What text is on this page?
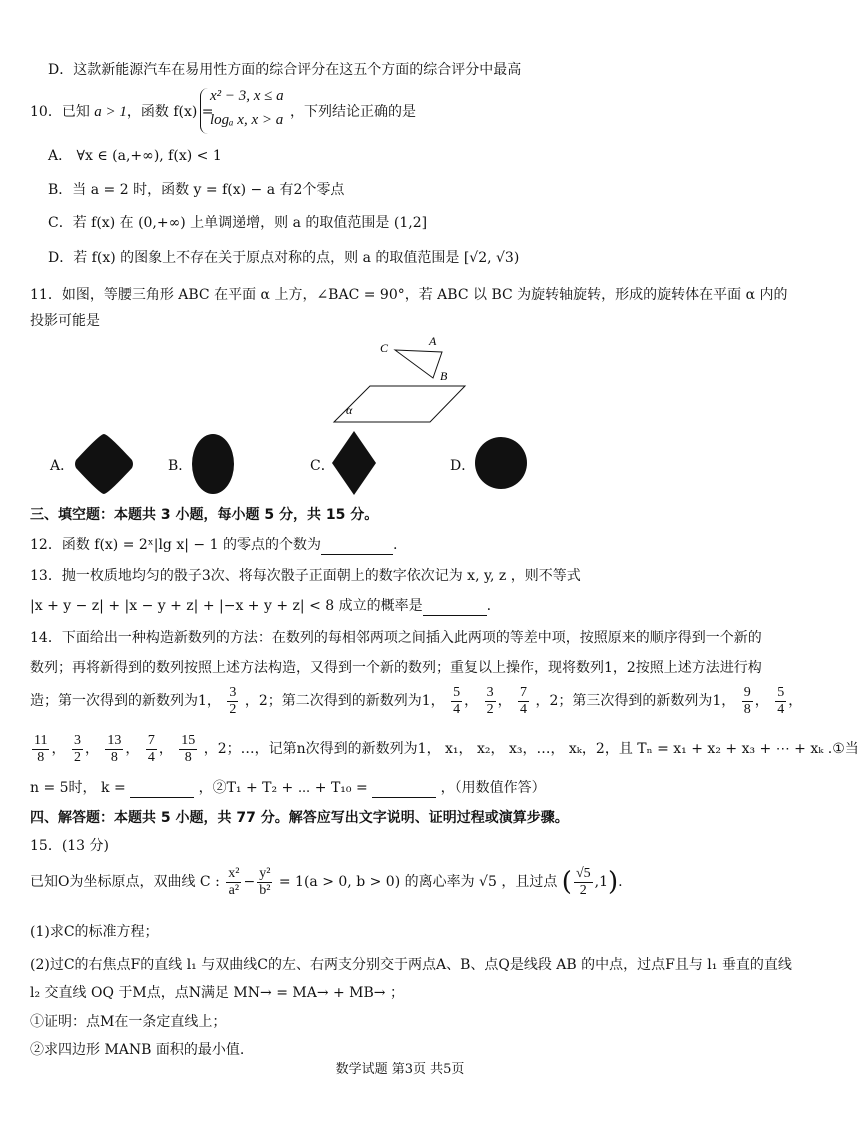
D．这款新能源汽车在易用性方面的综合评分在这五个方面的综合评分中最高
10．已知 a > 1，函数 f(x) =
x² − 3, x ≤ a
logₐ x, x > a ，下列结论正确的是
A． ∀x ∈ (a,+∞), f(x) < 1
B．当 a = 2 时，函数 y = f(x) − a 有2个零点
C．若 f(x) 在 (0,+∞) 上单调递增，则 a 的取值范围是 (1,2]
D．若 f(x) 的图象上不存在关于原点对称的点，则 a 的取值范围是 [√2, √3)
11．如图，等腰三角形 ABC 在平面 α 上方，∠BAC = 90°，若 ABC 以 BC 为旋转轴旋转，形成的旋转体在平面 α 内的
投影可能是
C	A
B
α
A．	B．	C．	D．
三、填空题：本题共 3 小题，每小题 5 分，共 15 分。
12．函数 f(x) = 2ˣ|lg x| − 1 的零点的个数为	.
13．抛一枚质地均匀的骰子3次、将每次骰子正面朝上的数字依次记为 x, y, z ，则不等式
|x + y − z| + |x − y + z| + |−x + y + z| < 8 成立的概率是	.
14．下面给出一种构造新数列的方法：在数列的每相邻两项之间插入此两项的等差中项，按照原来的顺序得到一个新的
数列；再将新得到的数列按照上述方法构造，又得到一个新的数列；重复以上操作，现将数列1，2按照上述方法进行构
造；第一次得到的新数列为1， $\frac{3}{2}$ ，2；第二次得到的新数列为1， $\frac{5}{4}$ ， $\frac{3}{2}$ ， $\frac{7}{4}$ ，2；第三次得到的新数列为1， $\frac{9}{8}$ ， $\frac{5}{4}$ ，
$\frac{11}{8}$ ， $\frac{3}{2}$ ， $\frac{13}{8}$ ， $\frac{7}{4}$ ， $\frac{15}{8}$ ，2；…，记第n次得到的新数列为1， x₁， x₂， x₃，…， xₖ，2，且 Tₙ = x₁ + x₂ + x₃ + ⋯ + xₖ .①当
n = 5时， k =	，②T₁ + T₂ + ⋯ + T₁₀ =	，（用数值作答）
四、解答题：本题共 5 小题，共 77 分。解答应写出文字说明、证明过程或演算步骤。
15．(13 分)
已知O为坐标原点，双曲线 C : $\frac{\text{x²}}{\text{a²}} - \frac{\text{y²}}{\text{b²}} = 1(a > 0$, b > 0) 的离心率为 √5 ，且过点 ( $\frac{√5}{2} ,1$).
(1)求C的标准方程；
(2)过C的右焦点F的直线 l₁ 与双曲线C的左、右两支分别交于两点A、B、点Q是线段 AB 的中点，过点F且与 l₁ 垂直的直线
l₂ 交直线 OQ 于M点，点N满足 MN→ = MA→ + MB→ ；
①证明：点M在一条定直线上；
②求四边形 MANB 面积的最小值.
数学试题 第3页 共5页
